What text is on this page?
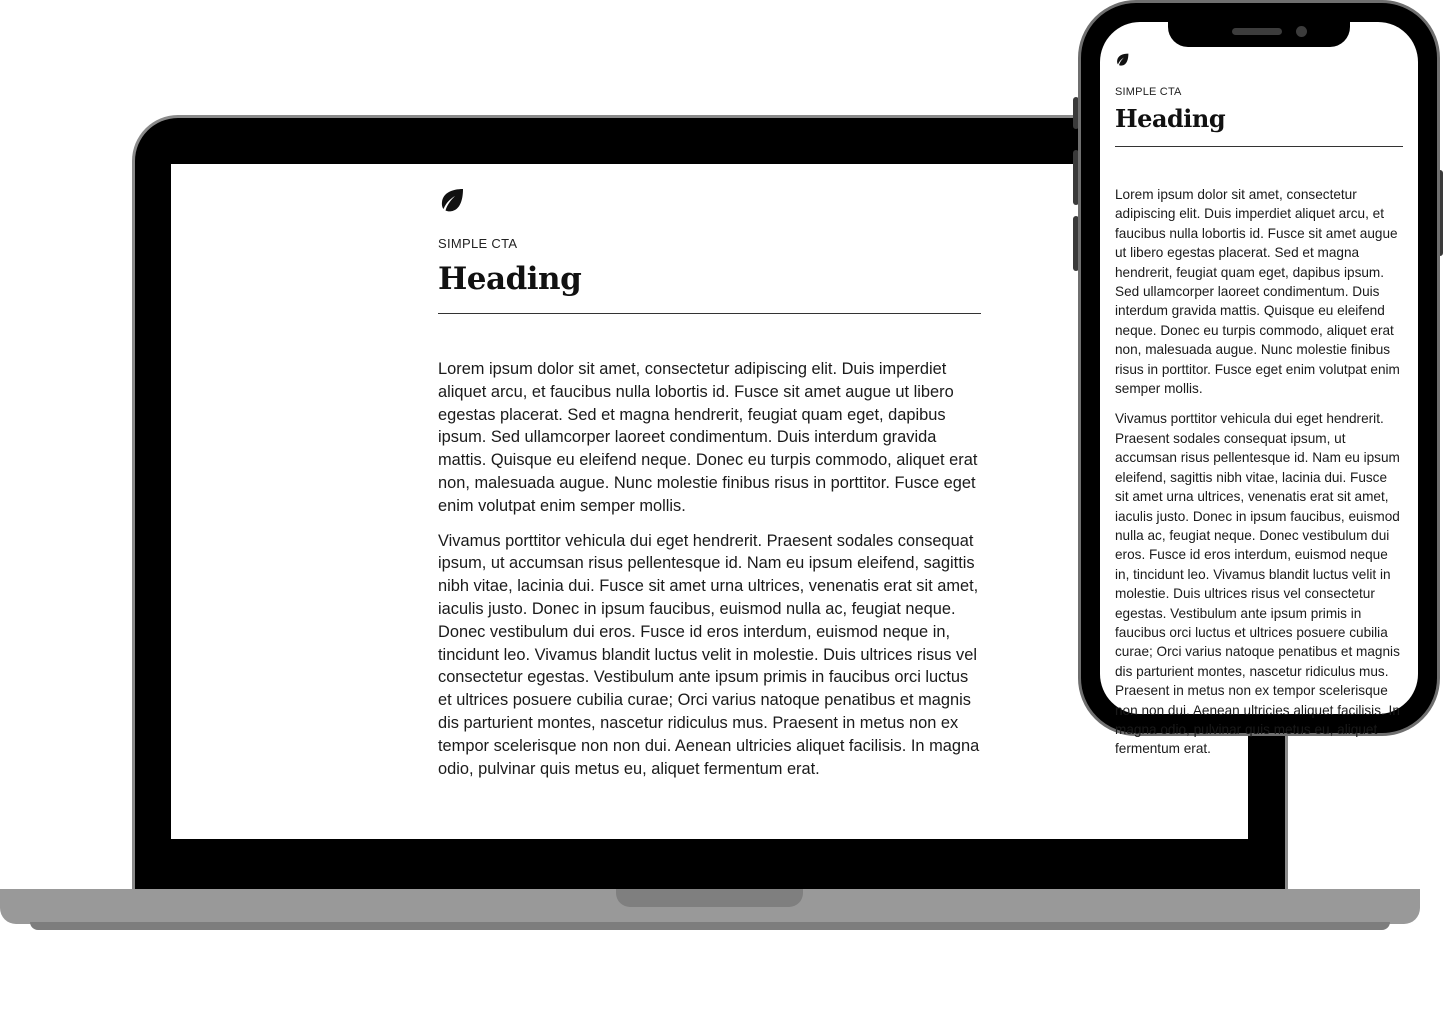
SIMPLE CTA
Heading

Lorem ipsum dolor sit amet, consectetur adipiscing elit. Duis imperdiet aliquet arcu, et faucibus nulla lobortis id. Fusce sit amet augue ut libero egestas placerat. Sed et magna hendrerit, feugiat quam eget, dapibus ipsum. Sed ullamcorper laoreet condimentum. Duis interdum gravida mattis. Quisque eu eleifend neque. Donec eu turpis commodo, aliquet erat non, malesuada augue. Nunc molestie finibus risus in porttitor. Fusce eget enim volutpat enim semper mollis.

Vivamus porttitor vehicula dui eget hendrerit. Praesent sodales consequat ipsum, ut accumsan risus pellentesque id. Nam eu ipsum eleifend, sagittis nibh vitae, lacinia dui. Fusce sit amet urna ultrices, venenatis erat sit amet, iaculis justo. Donec in ipsum faucibus, euismod nulla ac, feugiat neque. Donec vestibulum dui eros. Fusce id eros interdum, euismod neque in, tincidunt leo. Vivamus blandit luctus velit in molestie. Duis ultrices risus vel consectetur egestas. Vestibulum ante ipsum primis in faucibus orci luctus et ultrices posuere cubilia curae; Orci varius natoque penatibus et magnis dis parturient montes, nascetur ridiculus mus. Praesent in metus non ex tempor scelerisque non non dui. Aenean ultricies aliquet facilisis. In magna odio, pulvinar quis metus eu, aliquet fermentum erat.

SIMPLE CTA
Heading

Lorem ipsum dolor sit amet, consectetur adipiscing elit. Duis imperdiet aliquet arcu, et faucibus nulla lobortis id. Fusce sit amet augue ut libero egestas placerat. Sed et magna hendrerit, feugiat quam eget, dapibus ipsum. Sed ullamcorper laoreet condimentum. Duis interdum gravida mattis. Quisque eu eleifend neque. Donec eu turpis commodo, aliquet erat non, malesuada augue. Nunc molestie finibus risus in porttitor. Fusce eget enim volutpat enim semper mollis.

Vivamus porttitor vehicula dui eget hendrerit. Praesent sodales consequat ipsum, ut accumsan risus pellentesque id. Nam eu ipsum eleifend, sagittis nibh vitae, lacinia dui. Fusce sit amet urna ultrices, venenatis erat sit amet, iaculis justo. Donec in ipsum faucibus, euismod nulla ac, feugiat neque. Donec vestibulum dui eros. Fusce id eros interdum, euismod neque in, tincidunt leo. Vivamus blandit luctus velit in molestie. Duis ultrices risus vel consectetur egestas. Vestibulum ante ipsum primis in faucibus orci luctus et ultrices posuere cubilia curae; Orci varius natoque penatibus et magnis dis parturient montes, nascetur ridiculus mus. Praesent in metus non ex tempor scelerisque non non dui. Aenean ultricies aliquet facilisis. In magna odio, pulvinar quis metus eu, aliquet fermentum erat.
